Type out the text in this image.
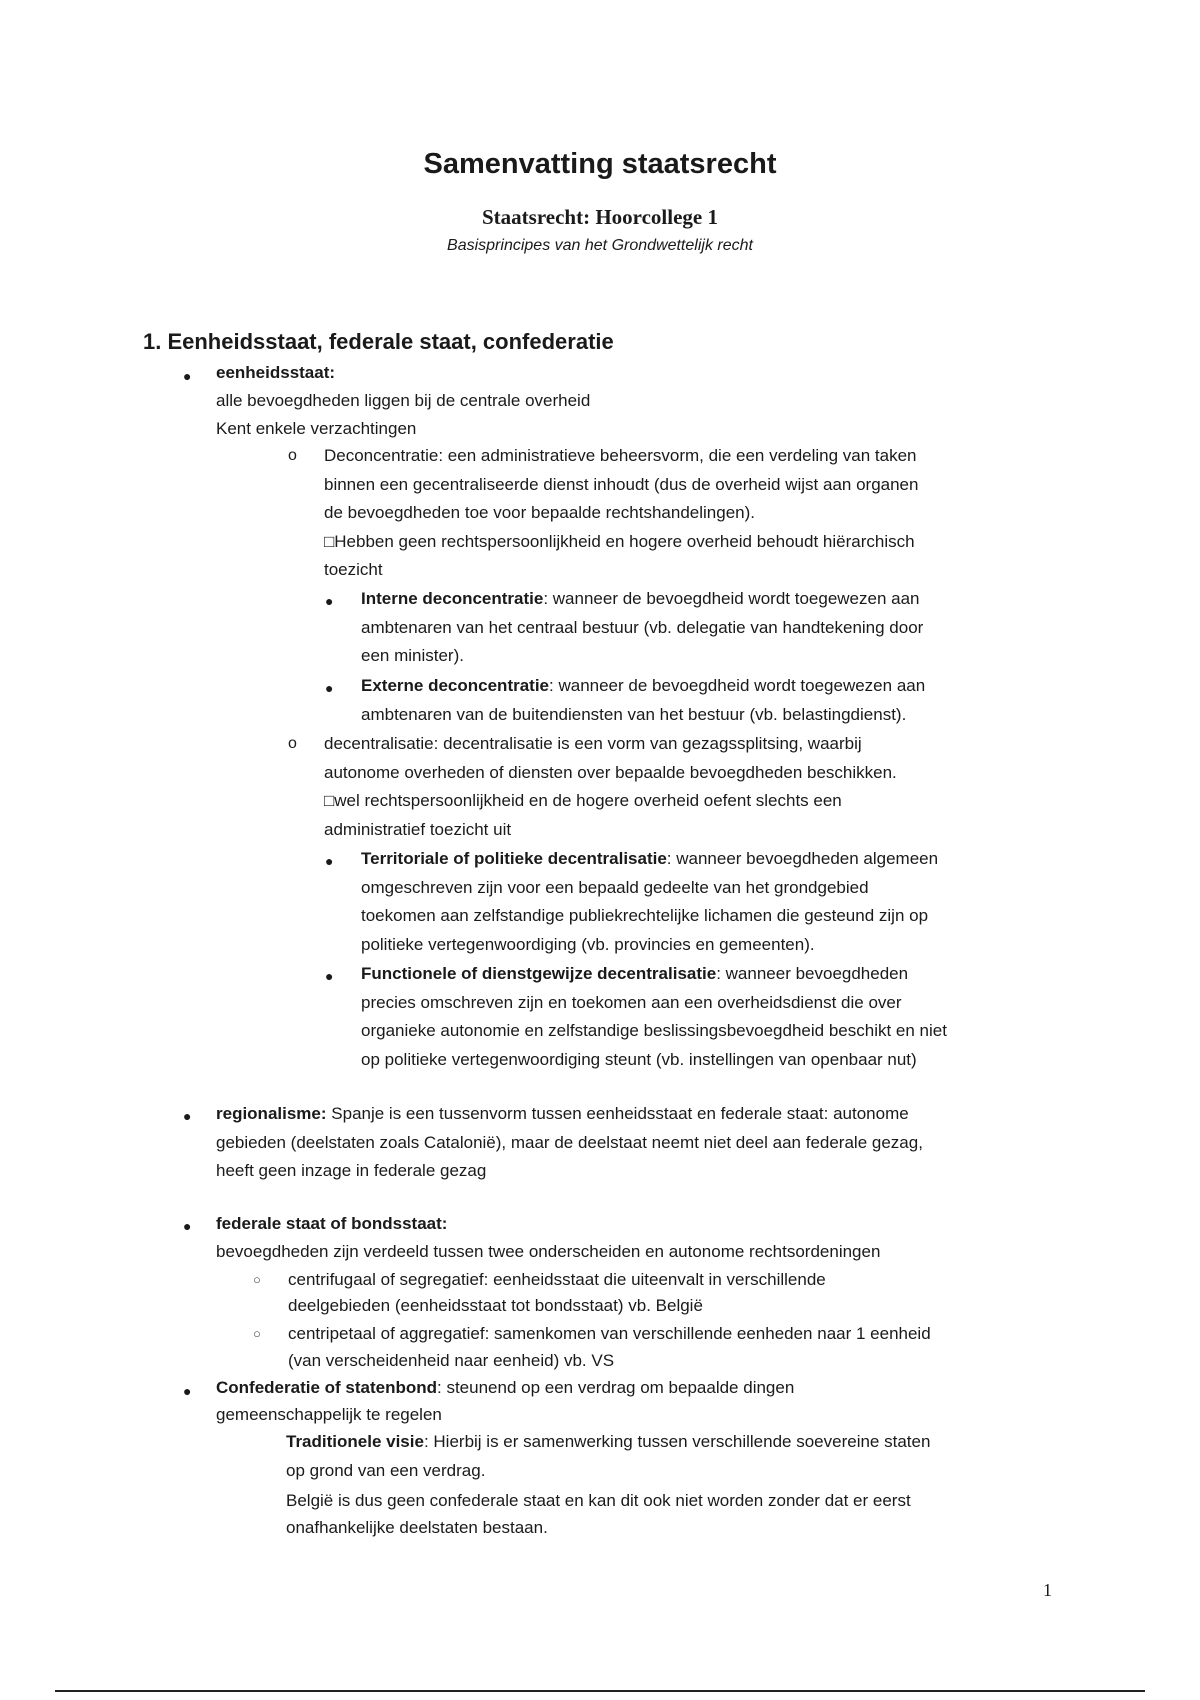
Samenvatting staatsrecht
Staatsrecht: Hoorcollege 1
Basisprincipes van het Grondwettelijk recht
1. Eenheidsstaat, federale staat, confederatie
● eenheidsstaat:
alle bevoegdheden liggen bij de centrale overheid
Kent enkele verzachtingen
o Deconcentratie: een administratieve beheersvorm, die een verdeling van taken
binnen een gecentraliseerde dienst inhoudt (dus de overheid wijst aan organen
de bevoegdheden toe voor bepaalde rechtshandelingen).
□Hebben geen rechtspersoonlijkheid en hogere overheid behoudt hiërarchisch
toezicht
● Interne deconcentratie: wanneer de bevoegdheid wordt toegewezen aan
ambtenaren van het centraal bestuur (vb. delegatie van handtekening door
een minister).
● Externe deconcentratie: wanneer de bevoegdheid wordt toegewezen aan
ambtenaren van de buitendiensten van het bestuur (vb. belastingdienst).
o decentralisatie: decentralisatie is een vorm van gezagssplitsing, waarbij
autonome overheden of diensten over bepaalde bevoegdheden beschikken.
□wel rechtspersoonlijkheid en de hogere overheid oefent slechts een
administratief toezicht uit
● Territoriale of politieke decentralisatie: wanneer bevoegdheden algemeen
omgeschreven zijn voor een bepaald gedeelte van het grondgebied
toekomen aan zelfstandige publiekrechtelijke lichamen die gesteund zijn op
politieke vertegenwoordiging (vb. provincies en gemeenten).
● Functionele of dienstgewijze decentralisatie: wanneer bevoegdheden
precies omschreven zijn en toekomen aan een overheidsdienst die over
organieke autonomie en zelfstandige beslissingsbevoegdheid beschikt en niet
op politieke vertegenwoordiging steunt (vb. instellingen van openbaar nut)
● regionalisme: Spanje is een tussenvorm tussen eenheidsstaat en federale staat: autonome
gebieden (deelstaten zoals Catalonië), maar de deelstaat neemt niet deel aan federale gezag,
heeft geen inzage in federale gezag
● federale staat of bondsstaat:
bevoegdheden zijn verdeeld tussen twee onderscheiden en autonome rechtsordeningen
○ centrifugaal of segregatief: eenheidsstaat die uiteenvalt in verschillende
deelgebieden (eenheidsstaat tot bondsstaat) vb. België
○ centripetaal of aggregatief: samenkomen van verschillende eenheden naar 1 eenheid
(van verscheidenheid naar eenheid) vb. VS
● Confederatie of statenbond: steunend op een verdrag om bepaalde dingen
gemeenschappelijk te regelen
Traditionele visie: Hierbij is er samenwerking tussen verschillende soevereine staten
op grond van een verdrag.
België is dus geen confederale staat en kan dit ook niet worden zonder dat er eerst
onafhankelijke deelstaten bestaan.
1
